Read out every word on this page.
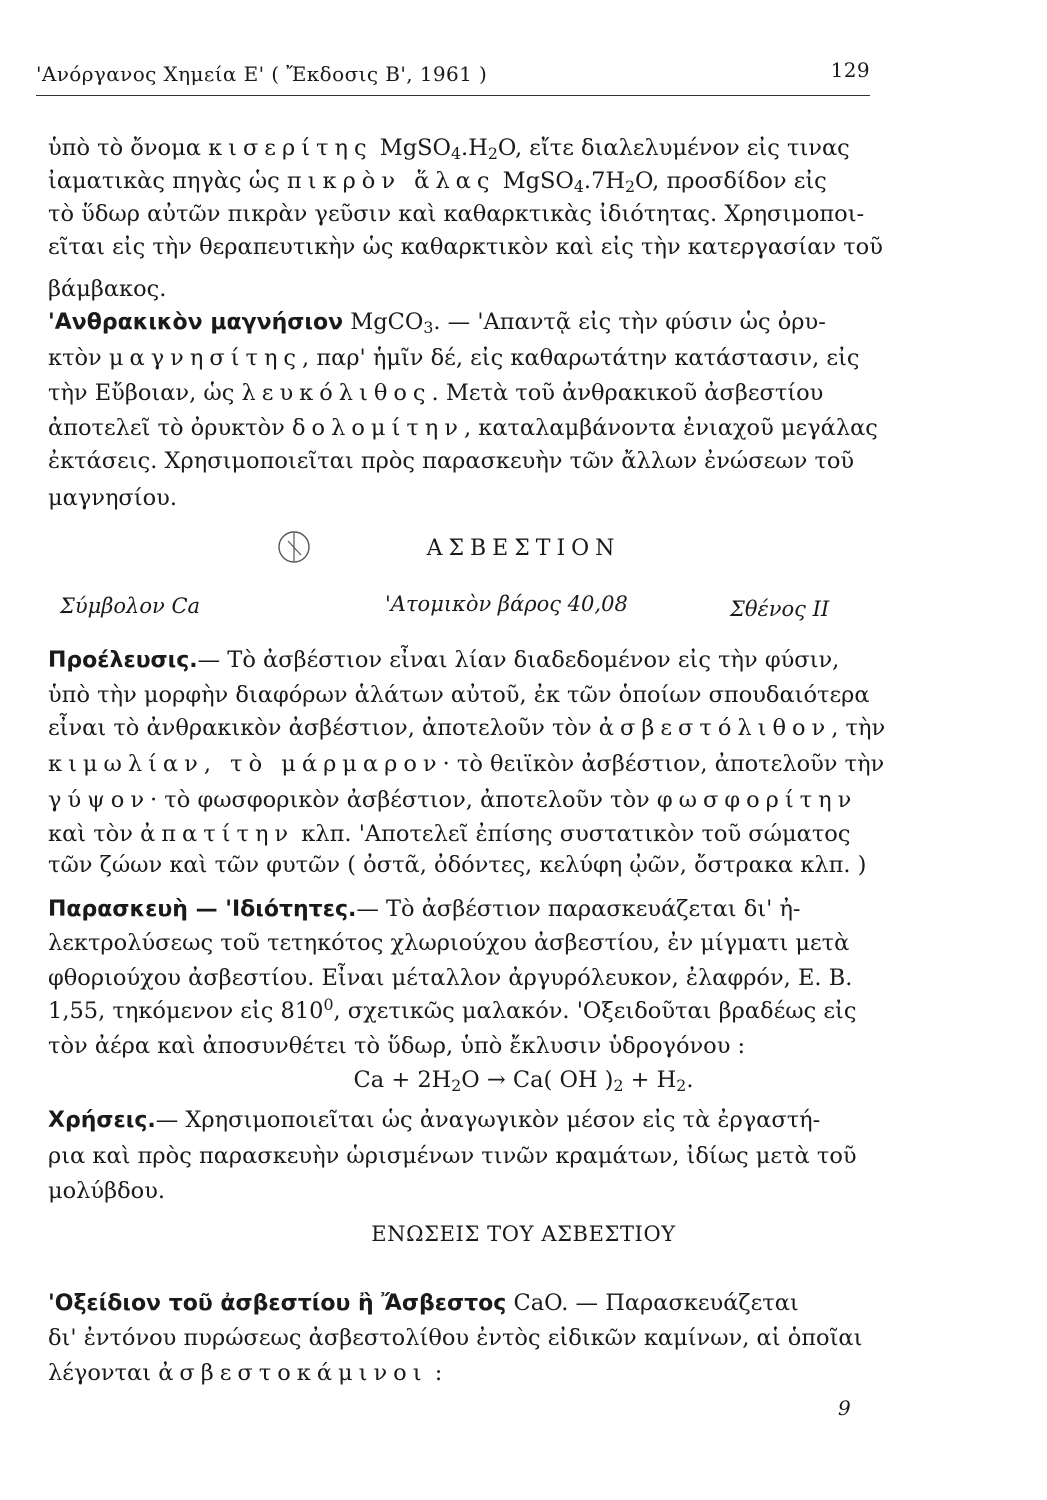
'Ανόργανος Χημεία Ε' ( Ἔκδοσις Β', 1961 )	129
ὑπὸ τὸ ὄνομα κισερίτης $MgSO_4.H_2O$, εἴτε διαλελυμένον εἰς τινας
ἰαματικὰς πηγὰς ὡς πικρὸν ἅλας $MgSO_4.7H_2O$, προσδίδον εἰς
τὸ ὕδωρ αὐτῶν πικρὰν γεῦσιν καὶ καθαρκτικὰς ἰδιότητας. Χρησιμοποι-
εῖται εἰς τὴν θεραπευτικὴν ὡς καθαρκτικὸν καὶ εἰς τὴν κατεργασίαν τοῦ
βάμβακος.
'Ανθρακικὸν μαγνήσιον MgCO$_3$. — 'Απαντᾷ εἰς τὴν φύσιν ὡς ὀρυ-
κτὸν μαγνησίτης, παρ' ἡμῖν δέ, εἰς καθαρωτάτην κατάστασιν, εἰς
τὴν Εὔβοιαν, ὡς λευκόλιθος. Μετὰ τοῦ ἀνθρακικοῦ ἀσβεστίου
ἀποτελεῖ τὸ ὀρυκτὸν δολομίτην, καταλαμβάνοντα ἐνιαχοῦ μεγάλας
ἐκτάσεις. Χρησιμοποιεῖται πρὸς παρασκευὴν τῶν ἄλλων ἐνώσεων τοῦ
μαγνησίου.
ΑΣΒΕΣΤΙΟΝ
Σύμβολον Ca	'Ατομικὸν βάρος 40,08	Σθένος II
Προέλευσις.— Τὸ ἀσβέστιον εἶναι λίαν διαδεδομένον εἰς τὴν φύσιν,
ὑπὸ τὴν μορφὴν διαφόρων ἁλάτων αὐτοῦ, ἐκ τῶν ὁποίων σπουδαιότερα
εἶναι τὸ ἀνθρακικὸν ἀσβέστιον, ἀποτελοῦν τὸν ἀσβεστόλιθον, τὴν
κιμωλίαν, τὸ μάρμαρον· τὸ θειϊκὸν ἀσβέστιον, ἀποτελοῦν τὴν
γύψον· τὸ φωσφορικὸν ἀσβέστιον, ἀποτελοῦν τὸν φωσφορίτην
καὶ τὸν ἀπατίτην κλπ. 'Αποτελεῖ ἐπίσης συστατικὸν τοῦ σώματος
τῶν ζώων καὶ τῶν φυτῶν ( ὀστᾶ, ὀδόντες, κελύφη ᾠῶν, ὄστρακα κλπ. )
Παρασκευὴ — 'Ιδιότητες.— Τὸ ἀσβέστιον παρασκευάζεται δι' ἠ-
λεκτρολύσεως τοῦ τετηκότος χλωριούχου ἀσβεστίου, ἐν μίγματι μετὰ
φθοριούχου ἀσβεστίου. Εἶναι μέταλλον ἀργυρόλευκον, ἐλαφρόν, Ε. Β.
1,55, τηκόμενον εἰς $810^0$, σχετικῶς μαλακόν. 'Οξειδοῦται βραδέως εἰς
τὸν ἀέρα καὶ ἀποσυνθέτει τὸ ὕδωρ, ὑπὸ ἔκλυσιν ὑδρογόνου :
$Ca + 2H_2O \to Ca$( OH )$_2 + H_2$.
Χρήσεις.— Χρησιμοποιεῖται ὡς ἀναγωγικὸν μέσον εἰς τὰ ἐργαστή-
ρια καὶ πρὸς παρασκευὴν ὡρισμένων τινῶν κραμάτων, ἰδίως μετὰ τοῦ
μολύβδου.
ΕΝΩΣΕΙΣ ΤΟΥ ΑΣΒΕΣΤΙΟΥ
'Οξείδιον τοῦ ἀσβεστίου ἢ Ἄσβεστος CaO. — Παρασκευάζεται
δι' ἐντόνου πυρώσεως ἀσβεστολίθου ἐντὸς εἰδικῶν καμίνων, αἱ ὁποῖαι
λέγονται ἀσβεστοκάμινοι :
9
